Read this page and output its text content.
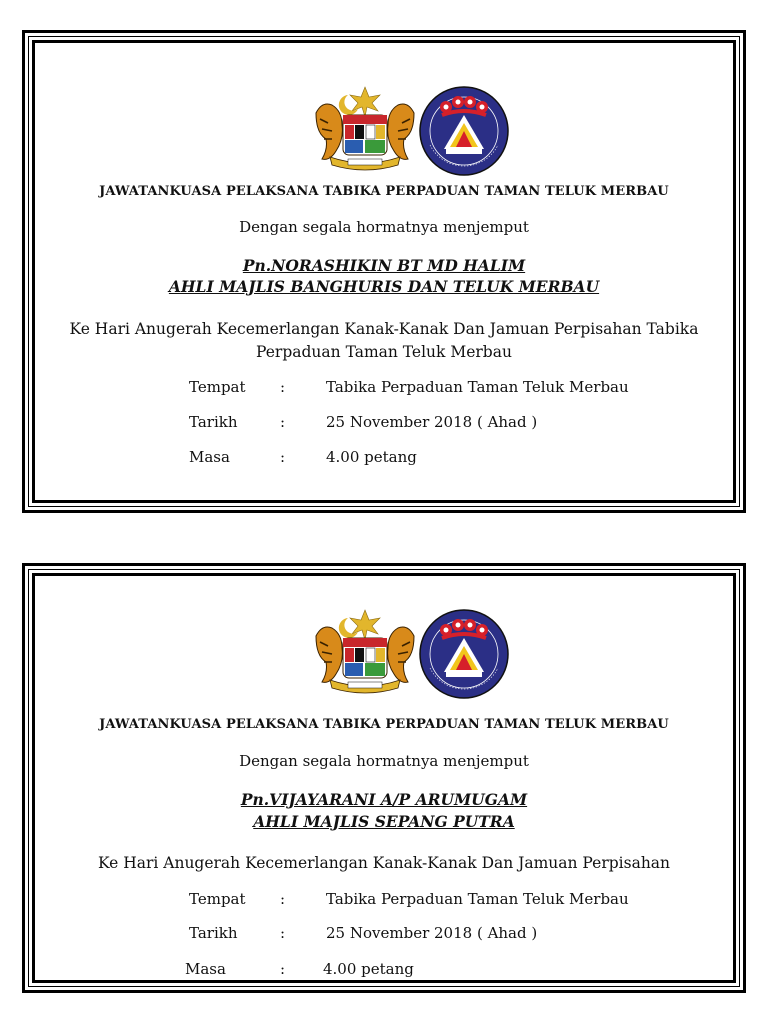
JAWATANKUASA PELAKSANA TABIKA PERPADUAN TAMAN TELUK MERBAU
Dengan segala hormatnya menjemput
Pn.NORASHIKIN BT MD HALIM
AHLI MAJLIS BANGHURIS DAN TELUK MERBAU
Ke Hari Anugerah Kecemerlangan Kanak-Kanak Dan Jamuan Perpisahan Tabika
Perpaduan Taman Teluk Merbau
Tempat :	Tabika Perpaduan Taman Teluk Merbau
Tarikh	:	25 November 2018 ( Ahad )
Masa	:	4.00 petang
JAWATANKUASA PELAKSANA TABIKA PERPADUAN TAMAN TELUK MERBAU
Dengan segala hormatnya menjemput
Pn.VIJAYARANI A/P ARUMUGAM
AHLI MAJLIS SEPANG PUTRA
Ke Hari Anugerah Kecemerlangan Kanak-Kanak Dan Jamuan Perpisahan
Tempat :	Tabika Perpaduan Taman Teluk Merbau
Tarikh	:	25 November 2018 ( Ahad )
Masa	:	4.00 petang
